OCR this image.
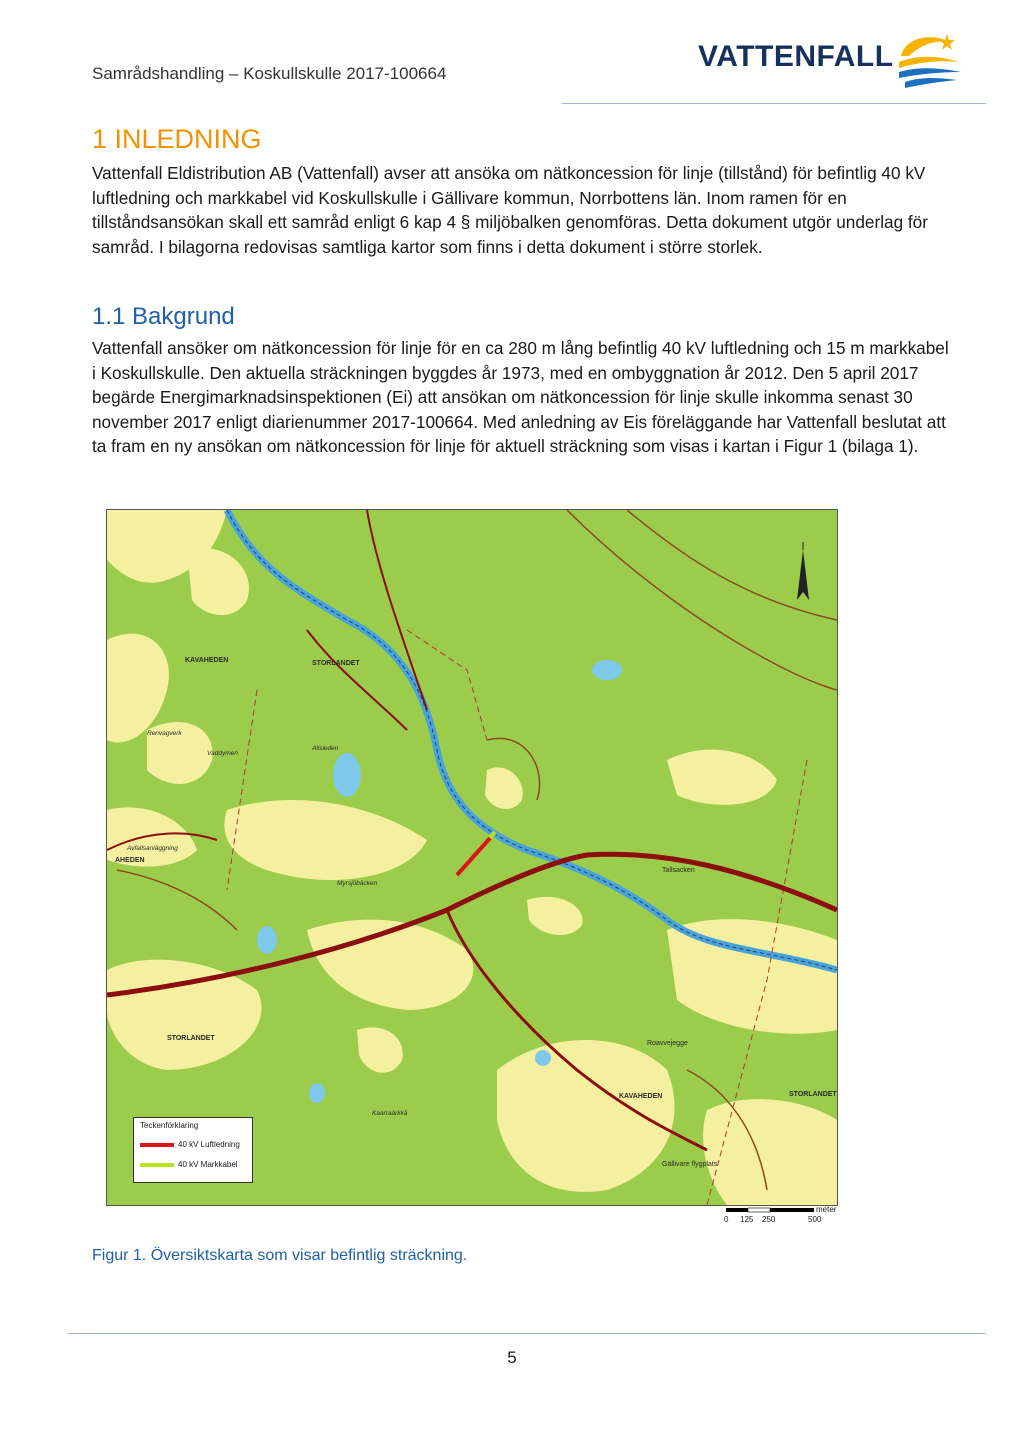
Samrådshandling – Koskullskulle 2017-100664
VATTENFALL
1 INLEDNING

Vattenfall Eldistribution AB (Vattenfall) avser att ansöka om nätkoncession för linje (tillstånd) för befintlig 40 kV luftledning och markkabel vid Koskullskulle i Gällivare kommun, Norrbottens län. Inom ramen för en tillståndsansökan skall ett samråd enligt 6 kap 4 § miljöbalken genomföras. Detta dokument utgör underlag för samråd. I bilagorna redovisas samtliga kartor som finns i detta dokument i större storlek.

1.1 Bakgrund

Vattenfall ansöker om nätkoncession för linje för en ca 280 m lång befintlig 40 kV luftledning och 15 m markkabel i Koskullskulle. Den aktuella sträckningen byggdes år 1973, med en ombyggnation år 2012. Den 5 april 2017 begärde Energimarknadsinspektionen (Ei) att ansökan om nätkoncession för linje skulle inkomma senast 30 november 2017 enligt diarienummer 2017-100664. Med anledning av Eis föreläggande har Vattenfall beslutat att ta fram en ny ansökan om nätkoncession för linje för aktuell sträckning som visas i kartan i Figur 1 (bilaga 1).

KAVAHEDEN	STORLANDET
Alisieden
Renvagverk
Vaddymen
Avfallsanläggning
AHEDEN
Myrsjöbäcken
Tallsacken
STORLANDET
Roavvejegge
KAVAHEDEN	STORLANDET
Kaarraärkkä
Gällivare flygplats
Teckenförklaring
40 kV Luftledning
40 kV Markkabel
meter
0 125 250	500
Figur 1. Översiktskarta som visar befintlig sträckning.
5
